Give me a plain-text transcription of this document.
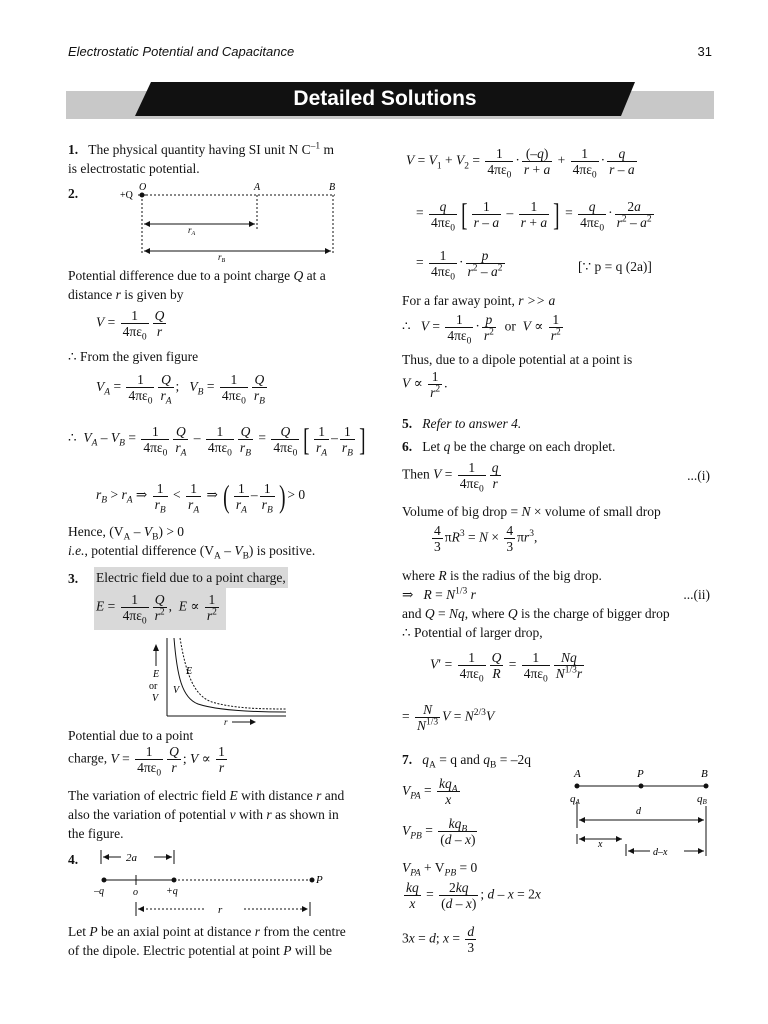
Electrostatic Potential and Capacitance	31
Detailed Solutions
1. The physical quantity having SI unit N $C^{-1}$ m
is electrostatic potential.
2.	+Q
O	A	B
$r_A$
$r_B$
Potential difference due to a point charge Q at a
distance r is given by
$V = \frac{1}{4\pi\varepsilon_0} \frac{Q}{r}$
∴ From the given figure
$V_A = \frac{1}{4\pi\varepsilon_0} \frac{Q}{r_A}$ ;   $V_B = \frac{1}{4\pi\varepsilon_0} \frac{Q}{r_B}$
∴  $V_A - V_B = \frac{1}{4\pi\varepsilon_0} \frac{Q}{r_A} - \frac{1}{4\pi\varepsilon_0} \frac{Q}{r_B} = \frac{Q}{4\pi\varepsilon_0}$ [ $\frac{1}{r_A} - \frac{1}{r_B}$ ]
$r_B > r_A$ ⇒ $\frac{1}{r_B} < \frac{1}{r_A}$ ⇒ ( $\frac{1}{r_A} - \frac{1}{r_B}$ ) > 0
Hence, $(V_A - V_B) > 0$
i.e., potential difference $(V_A - V_B)$ is positive.
3. Electric field due to a point charge,
$E = \frac{1}{4\pi\varepsilon_0} \frac{Q}{r^2}$ ,  $E \propto \frac{1}{r^2}$
E
or
V
E
V
r
Potential due to a point
charge, $V = \frac{1}{4\pi\varepsilon_0} \frac{Q}{r}$ ; $V \propto \frac{1}{r}$
The variation of electric field E with distance r and
also the variation of potential v with r as shown in
the figure.
4.	2a
–q	o	+q
P
r
Let P be an axial point at distance r from the centre
of the dipole. Electric potential at point P will be
$V = V_1 + V_2 = \frac{1}{4\pi\varepsilon_0} \cdot \frac{(-q)}{r + a} + \frac{1}{4\pi\varepsilon_0} \cdot \frac{q}{r - a}$
= $\frac{q}{4\pi\varepsilon_0}$ [ $\frac{1}{r - a} - \frac{1}{r + a}$ ] = $\frac{q}{4\pi\varepsilon_0} \cdot \frac{2a}{r^2 - a^2}$
= $\frac{1}{4\pi\varepsilon_0} \cdot \frac{p}{r^2 - a^2}$	[∵ p = q (2a)]
For a far away point, r >> a
∴   $V = \frac{1}{4\pi\varepsilon_0} \cdot \frac{p}{r^2}$ or $V \propto \frac{1}{r^2}$
Thus, due to a dipole potential at a point is
$V \propto \frac{1}{r^2}$ .
5. Refer to answer 4.
6. Let q be the charge on each droplet.
Then $V = \frac{1}{4\pi\varepsilon_0} \frac{q}{r}$	...(i)
Volume of big drop = N × volume of small drop
$\frac{4}{3} \pi R^3 = N \times \frac{4}{3} \pi r^3$,
where R is the radius of the big drop.
⇒   $R = N^{1/3}$ r	...(ii)
and Q = Nq, where Q is the charge of bigger drop
∴ Potential of larger drop,
$V' = \frac{1}{4\pi\varepsilon_0} \frac{Q}{R} = \frac{1}{4\pi\varepsilon_0} \frac{Nq}{N^{1/3}r}$
= $\frac{N}{N^{1/3}}$ $V = N^{2/3}V$
7. $q_A = q$ and $q_B = -2q$
$V_{PA} = \frac{kq_A}{x}$
$V_{PB} = \frac{kq_B}{(d - x)}$
$V_{PA} + V_{PB} = 0$
$\frac{kq}{x} = \frac{2kq}{(d - x)}$ ; d – x = 2x
3x = d; $x = \frac{d}{3}$
A	P	B
qA	qB
d
x
d–x
